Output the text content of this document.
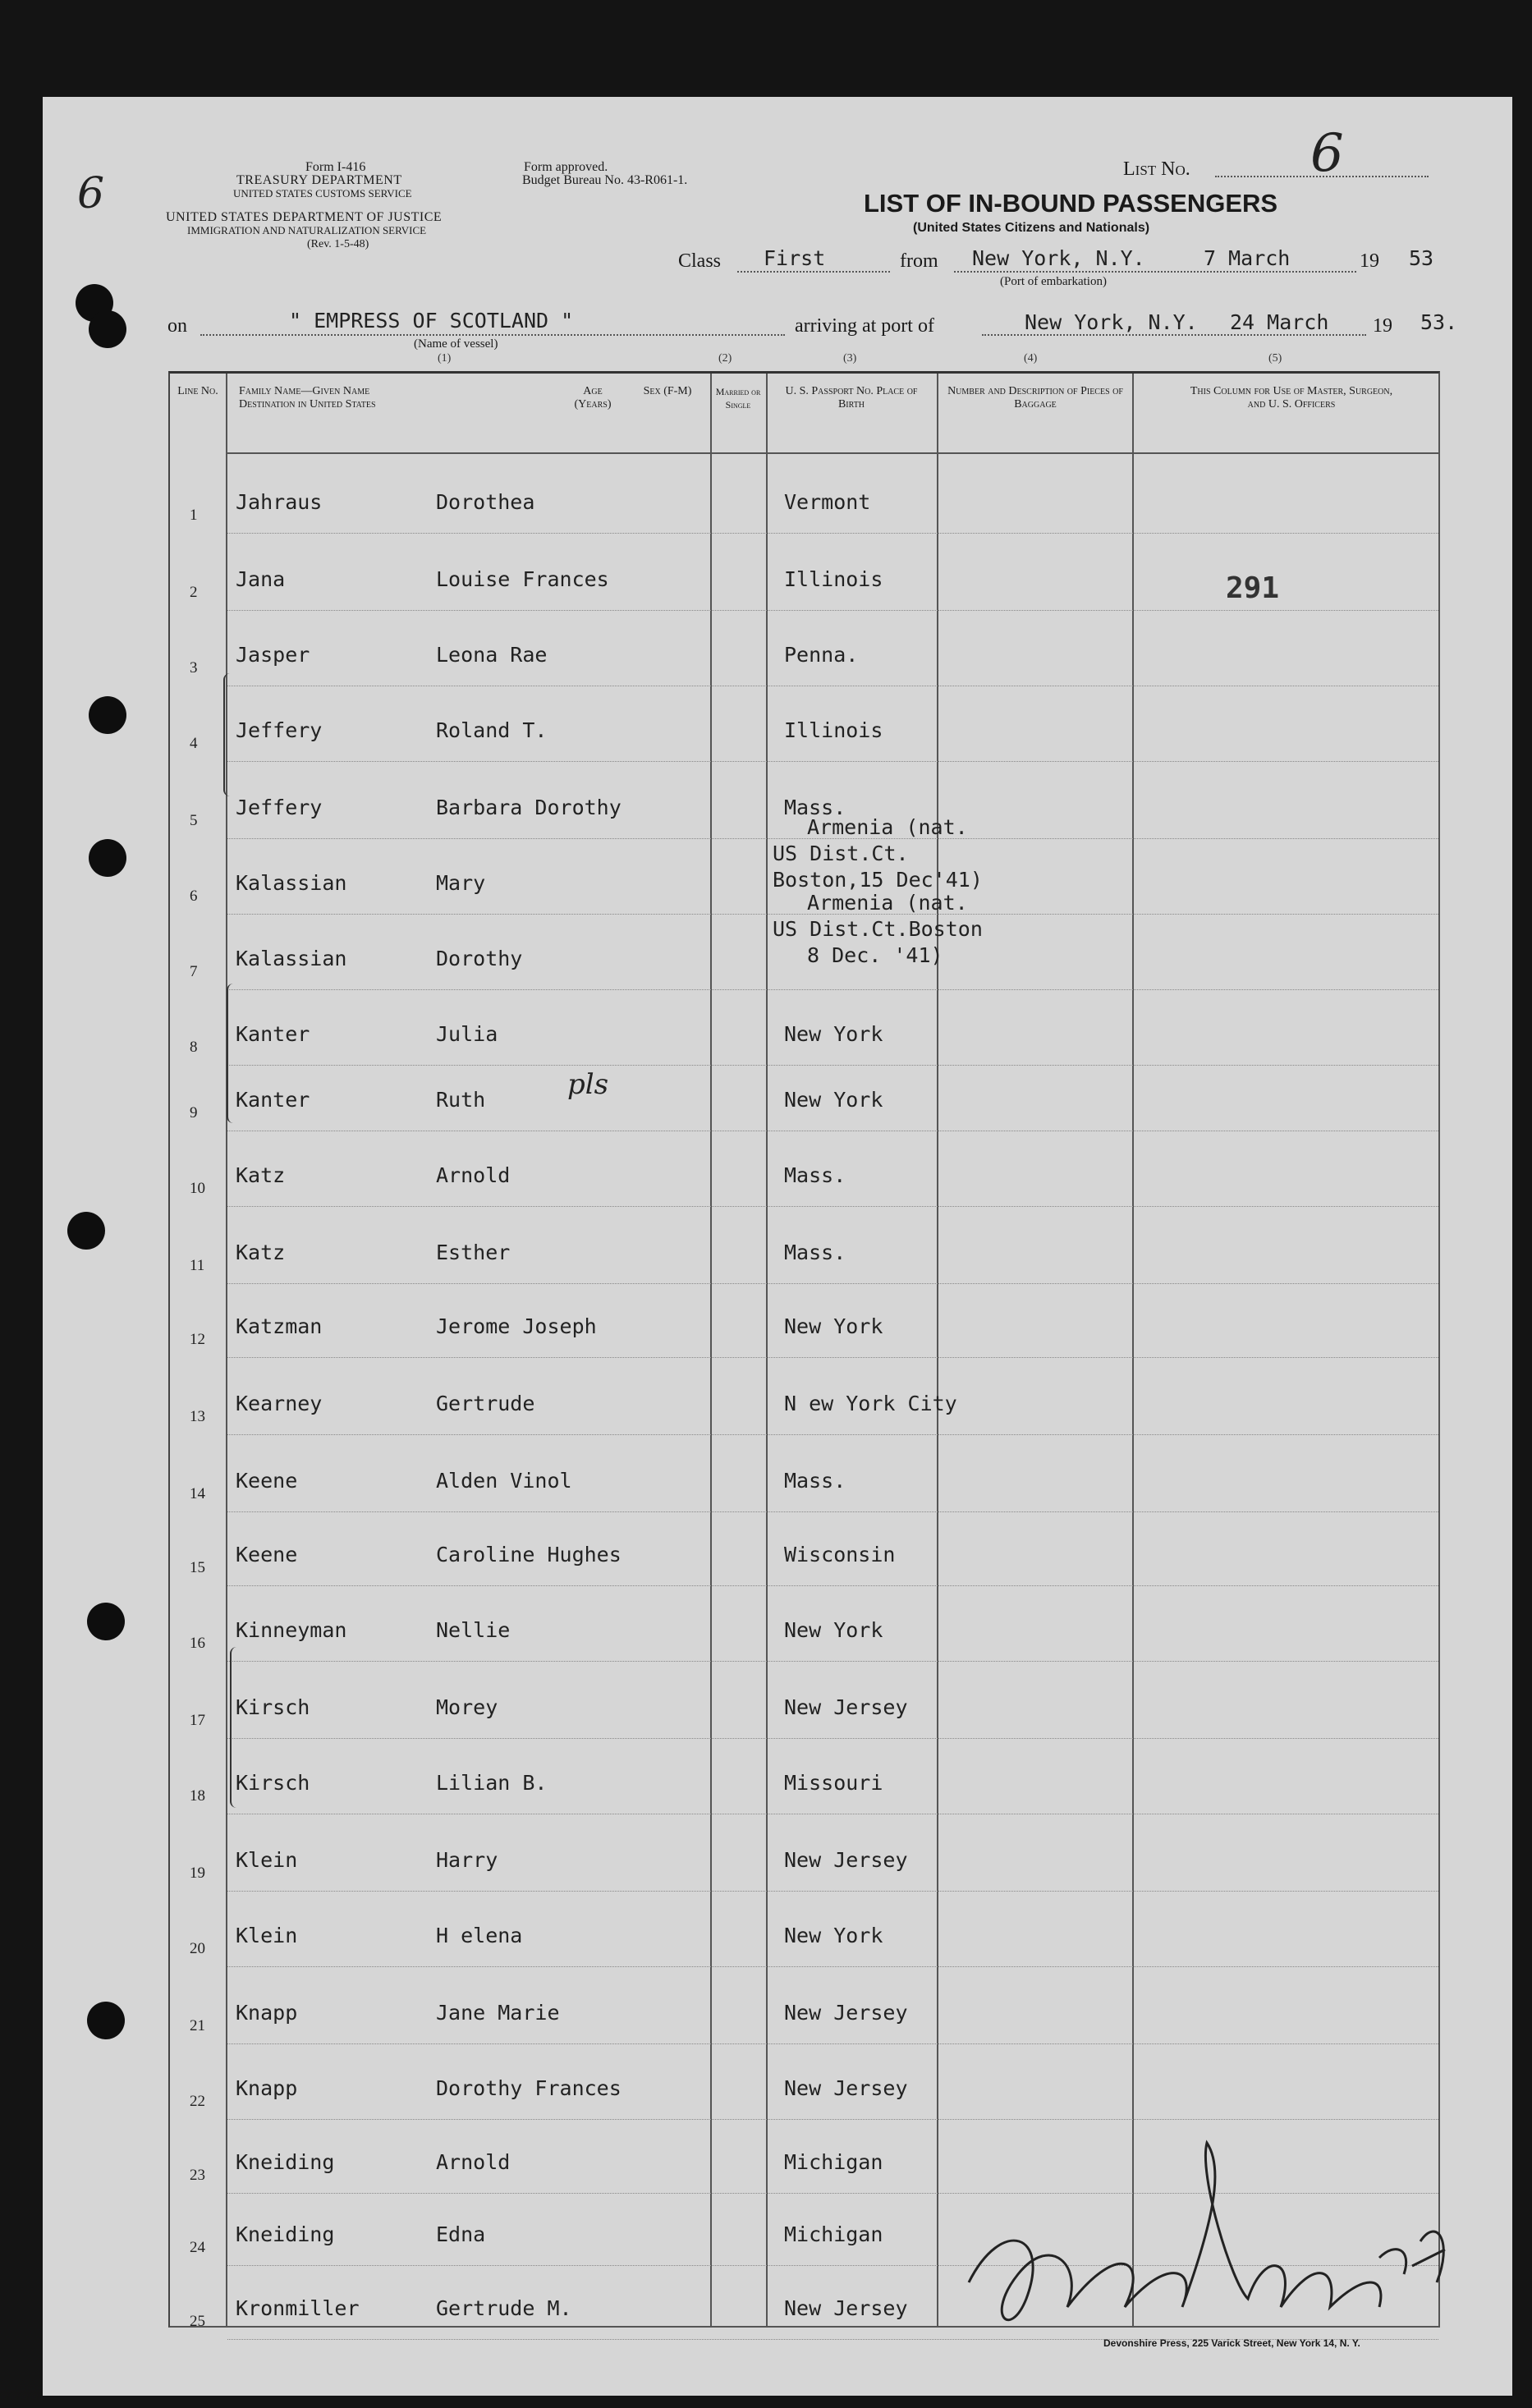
6
Form I-416
TREASURY DEPARTMENT
UNITED STATES CUSTOMS SERVICE
UNITED STATES DEPARTMENT OF JUSTICE
IMMIGRATION AND NATURALIZATION SERVICE
(Rev. 1-5-48)
Form approved.
Budget Bureau No. 43-R061-1.
List No. 6
LIST OF IN-BOUND PASSENGERS
(United States Citizens and Nationals)
Class First	from New York, N.Y.	7 March	19 53
(Port of embarkation)
on	" EMPRESS OF SCOTLAND "
(Name of vessel)
arriving at port of	New York, N.Y. 24 March 19 53.
(1)	(2)	(3)	(4)	(5)
Line No.	Family Name—Given Name
Destination in United States
Age (Years)
Sex (F-M)	Married or Single
U. S. Passport No. Place of Birth
Number and Description of Pieces of Baggage
This Column for Use of Master, Surgeon, and U. S. Officers
291
1
Jahraus	Dorothea	Vermont
2
Jana	Louise Frances	Illinois
3
Jasper	Leona Rae	Penna.
4
Jeffery	Roland T.	Illinois
5
Jeffery	Barbara Dorothy	Mass.
6
Kalassian	Mary
Armenia (nat.
US Dist.Ct.
Boston,15 Dec'41)
7
Kalassian	Dorothy
Armenia (nat.
US Dist.Ct.Boston
8 Dec. '41)
8
Kanter	Julia	New York
9
Kanter	Ruth	New York
pls
10
Katz	Arnold	Mass.
11
Katz	Esther	Mass.
12
Katzman	Jerome Joseph	New York
13
Kearney	Gertrude	N ew York City
14
Keene	Alden Vinol	Mass.
15
Keene	Caroline Hughes	Wisconsin
16
Kinneyman	Nellie	New York
17
Kirsch	Morey	New Jersey
18
Kirsch	Lilian B.	Missouri
19
Klein	Harry	New Jersey
20
Klein	H elena	New York
21
Knapp	Jane Marie	New Jersey
22
Knapp	Dorothy Frances	New Jersey
23
Kneiding	Arnold	Michigan
24
Kneiding	Edna	Michigan
25
Kronmiller	Gertrude M.	New Jersey
Devonshire Press, 225 Varick Street, New York 14, N. Y.
